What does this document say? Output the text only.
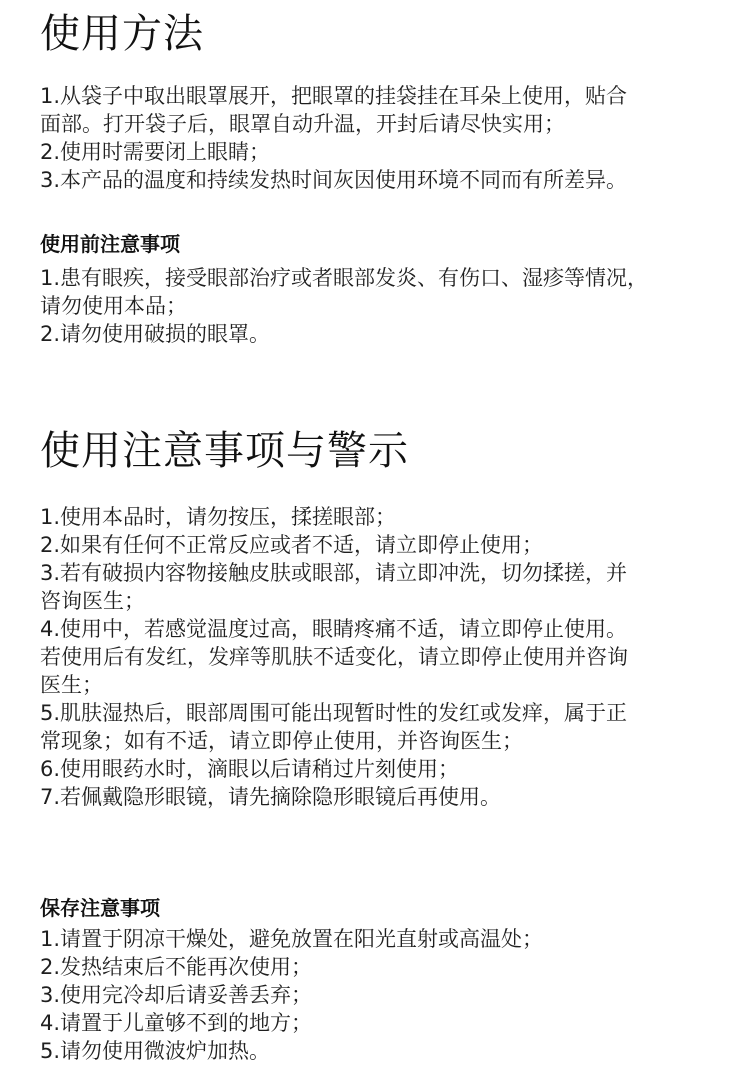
使用方法
1.从袋子中取出眼罩展开，把眼罩的挂袋挂在耳朵上使用，贴合
面部。打开袋子后，眼罩自动升温，开封后请尽快实用；
2.使用时需要闭上眼睛；
3.本产品的温度和持续发热时间灰因使用环境不同而有所差异。
使用前注意事项
1.患有眼疾，接受眼部治疗或者眼部发炎、有伤口、湿疹等情况，
请勿使用本品；
2.请勿使用破损的眼罩。
使用注意事项与警示
1.使用本品时，请勿按压，揉搓眼部；
2.如果有任何不正常反应或者不适，请立即停止使用；
3.若有破损内容物接触皮肤或眼部，请立即冲洗，切勿揉搓，并
咨询医生；
4.使用中，若感觉温度过高，眼睛疼痛不适，请立即停止使用。
若使用后有发红，发痒等肌肤不适变化，请立即停止使用并咨询
医生；
5.肌肤湿热后，眼部周围可能出现暂时性的发红或发痒，属于正
常现象；如有不适，请立即停止使用，并咨询医生；
6.使用眼药水时，滴眼以后请稍过片刻使用；
7.若佩戴隐形眼镜，请先摘除隐形眼镜后再使用。
保存注意事项
1.请置于阴凉干燥处，避免放置在阳光直射或高温处；
2.发热结束后不能再次使用；
3.使用完冷却后请妥善丢弃；
4.请置于儿童够不到的地方；
5.请勿使用微波炉加热。
